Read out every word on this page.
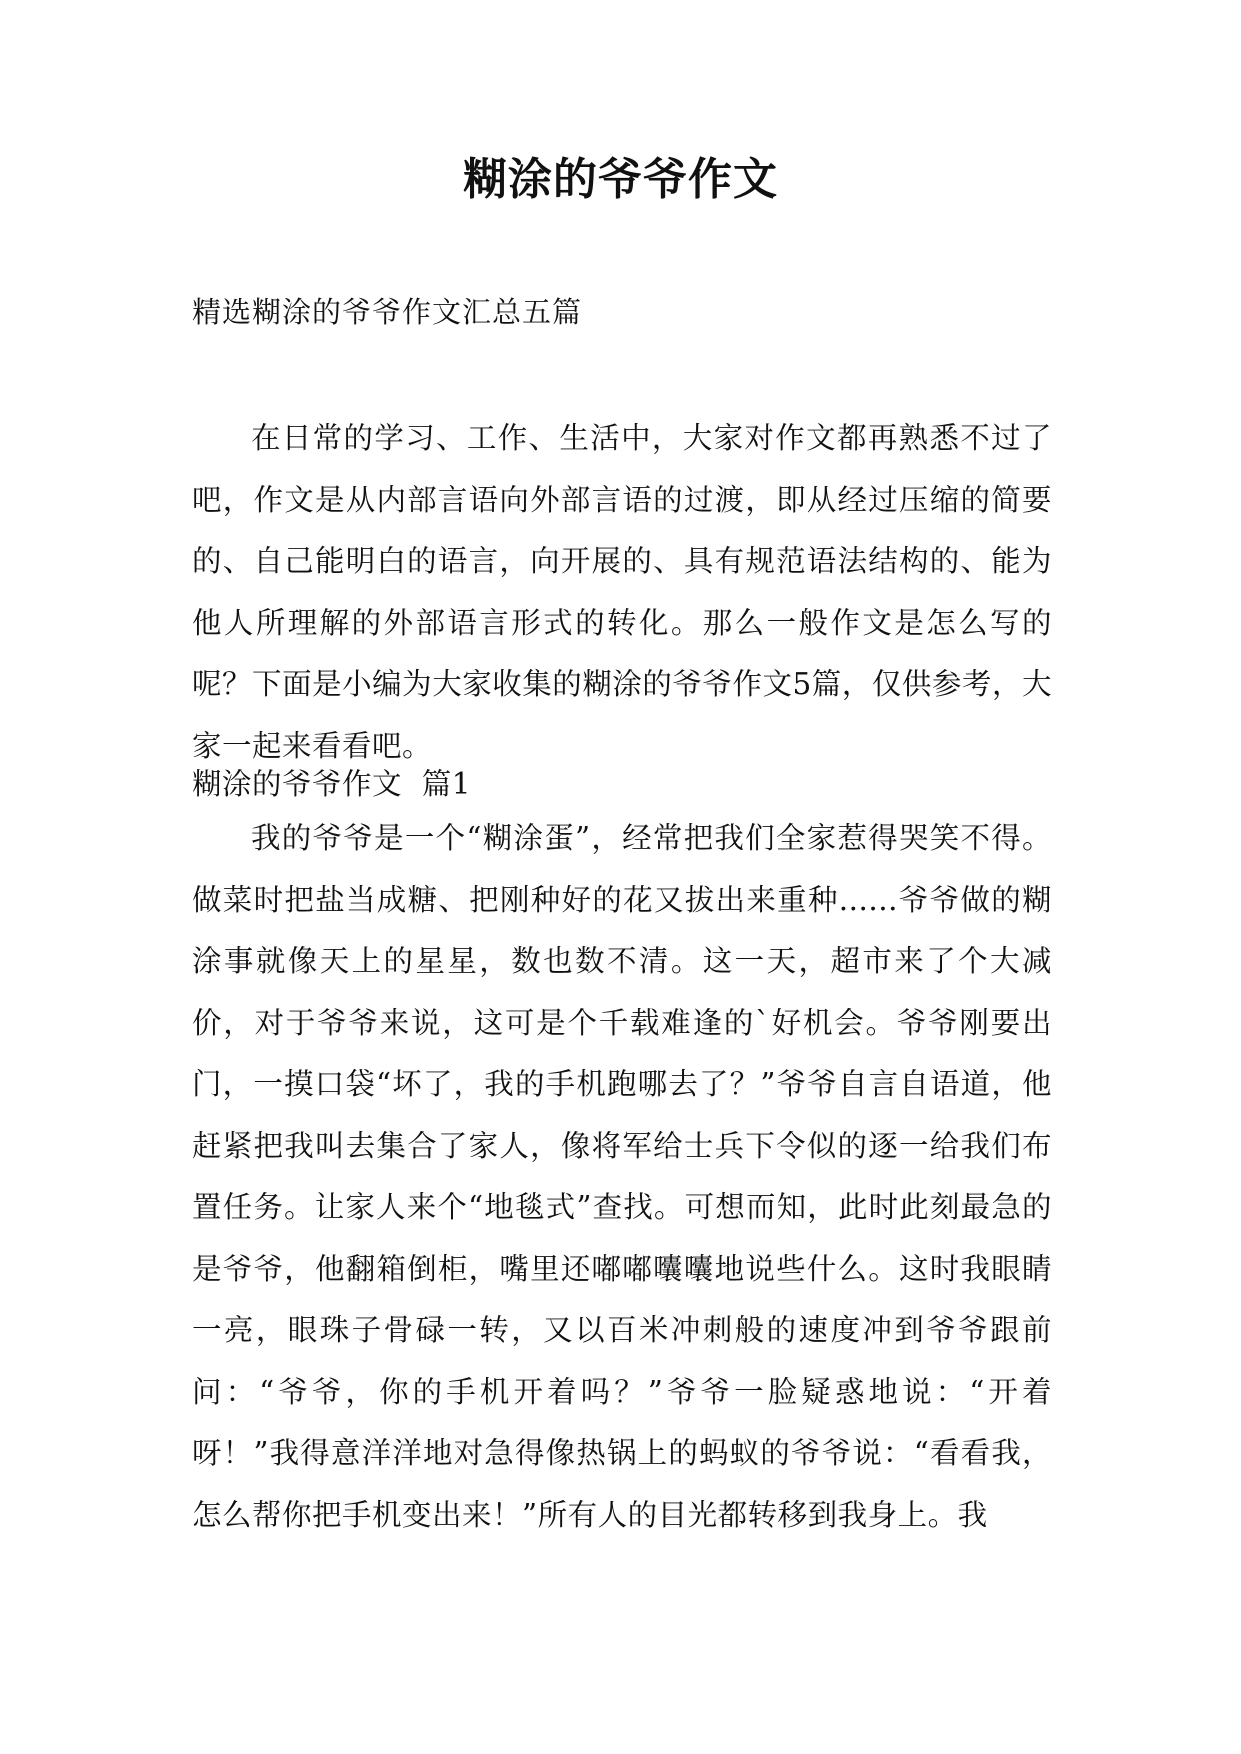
糊涂的爷爷作文

精选糊涂的爷爷作文汇总五篇

在日常的学习、工作、生活中，大家对作文都再熟悉不过了吧，作文是从内部言语向外部言语的过渡，即从经过压缩的简要的、自己能明白的语言，向开展的、具有规范语法结构的、能为他人所理解的外部语言形式的转化。那么一般作文是怎么写的呢？下面是小编为大家收集的糊涂的爷爷作文5篇，仅供参考，大家一起来看看吧。

糊涂的爷爷作文  篇1

我的爷爷是一个“糊涂蛋”，经常把我们全家惹得哭笑不得。做菜时把盐当成糖、把刚种好的花又拔出来重种......爷爷做的糊涂事就像天上的星星，数也数不清。这一天，超市来了个大减价，对于爷爷来说，这可是个千载难逢的`好机会。爷爷刚要出门，一摸口袋“坏了，我的手机跑哪去了？”爷爷自言自语道，他赶紧把我叫去集合了家人，像将军给士兵下令似的逐一给我们布置任务。让家人来个“地毯式”查找。可想而知，此时此刻最急的是爷爷，他翻箱倒柜，嘴里还嘟嘟囔囔地说些什么。这时我眼睛一亮，眼珠子骨碌一转，又以百米冲刺般的速度冲到爷爷跟前问：“爷爷，你的手机开着吗？”爷爷一脸疑惑地说：“开着呀！”我得意洋洋地对急得像热锅上的蚂蚁的爷爷说：“看看我，怎么帮你把手机变出来！”所有人的目光都转移到我身上。我
